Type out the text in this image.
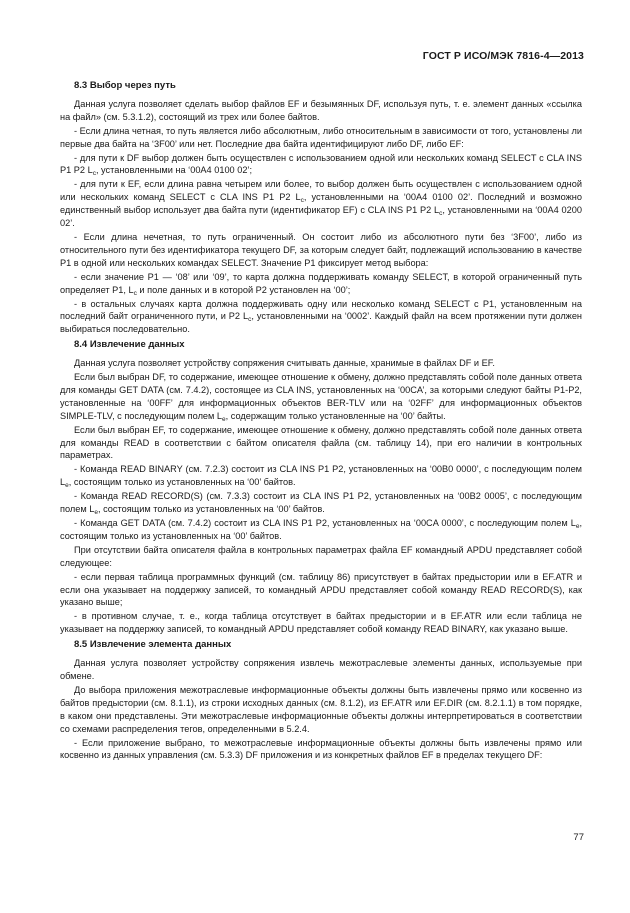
ГОСТ Р ИСО/МЭК 7816-4—2013
8.3 Выбор через путь

Данная услуга позволяет сделать выбор файлов EF и безымянных DF, используя путь, т. е. элемент данных «ссылка на файл» (см. 5.3.1.2), состоящий из трех или более байтов.

- Если длина четная, то путь является либо абсолютным, либо относительным в зависимости от того, установлены ли первые два байта на ‘3F00’ или нет. Последние два байта идентифицируют либо DF, либо EF:

- для пути к DF выбор должен быть осуществлен с использованием одной или нескольких команд SELECT с CLA INS P1 P2 $L_c$, установленными на ‘00A4 0100 02’;

- для пути к EF, если длина равна четырем или более, то выбор должен быть осуществлен с использованием одной или нескольких команд SELECT с CLA INS P1 P2 $L_c$, установленными на ‘00A4 0100 02’. Последний и возможно единственный выбор использует два байта пути (идентификатор EF) с CLA INS P1 P2 $L_c$, установленными на ‘00A4 0200 02’.

- Если длина нечетная, то путь ограниченный. Он состоит либо из абсолютного пути без ‘3F00’, либо из относительного пути без идентификатора текущего DF, за которым следует байт, подлежащий использованию в качестве P1 в одной или нескольких командах SELECT. Значение P1 фиксирует метод выбора:

- если значение P1 — ‘08’ или ‘09’, то карта должна поддерживать команду SELECT, в которой ограниченный путь определяет P1, $L_c$ и поле данных и в которой P2 установлен на ‘00’;

- в остальных случаях карта должна поддерживать одну или несколько команд SELECT с P1, установленным на последний байт ограниченного пути, и P2 $L_c$, установленными на ‘0002’. Каждый файл на всем протяжении пути должен выбираться последовательно.

8.4 Извлечение данных

Данная услуга позволяет устройству сопряжения считывать данные, хранимые в файлах DF и EF.

Если был выбран DF, то содержание, имеющее отношение к обмену, должно представлять собой поле данных ответа для команды GET DATA (см. 7.4.2), состоящее из CLA INS, установленных на ‘00CA’, за которыми следуют байты P1-P2, установленные на ‘00FF’ для информационных объектов BER-TLV или на ‘02FF’ для информационных объектов SIMPLE-TLV, с последующим полем $L_e$, содержащим только установленные на ‘00’ байты.

Если был выбран EF, то содержание, имеющее отношение к обмену, должно представлять собой поле данных ответа для команды READ в соответствии с байтом описателя файла (см. таблицу 14), при его наличии в контрольных параметрах.

- Команда READ BINARY (см. 7.2.3) состоит из CLA INS P1 P2, установленных на ‘00B0 0000’, с последующим полем $L_e$, состоящим только из установленных на ‘00’ байтов.

- Команда READ RECORD(S) (см. 7.3.3) состоит из CLA INS P1 P2, установленных на ‘00B2 0005’, с последующим полем $L_e$, состоящим только из установленных на ‘00’ байтов.

- Команда GET DATA (см. 7.4.2) состоит из CLA INS P1 P2, установленных на ‘00CA 0000’, с последующим полем $L_e$, состоящим только из установленных на ‘00’ байтов.

При отсутствии байта описателя файла в контрольных параметрах файла EF командный APDU представляет собой следующее:

- если первая таблица программных функций (см. таблицу 86) присутствует в байтах предыстории или в EF.ATR и если она указывает на поддержку записей, то командный APDU представляет собой команду READ RECORD(S), как указано выше;

- в противном случае, т. е., когда таблица отсутствует в байтах предыстории и в EF.ATR или если таблица не указывает на поддержку записей, то командный APDU представляет собой команду READ BINARY, как указано выше.

8.5 Извлечение элемента данных

Данная услуга позволяет устройству сопряжения извлечь межотраслевые элементы данных, используемые при обмене.

До выбора приложения межотраслевые информационные объекты должны быть извлечены прямо или косвенно из байтов предыстории (см. 8.1.1), из строки исходных данных (см. 8.1.2), из EF.ATR или EF.DIR (см. 8.2.1.1) в том порядке, в каком они представлены. Эти межотраслевые информационные объекты должны интерпретироваться в соответствии со схемами распределения тегов, определенными в 5.2.4.

- Если приложение выбрано, то межотраслевые информационные объекты должны быть извлечены прямо или косвенно из данных управления (см. 5.3.3) DF приложения и из конкретных файлов EF в пределах текущего DF:

77
